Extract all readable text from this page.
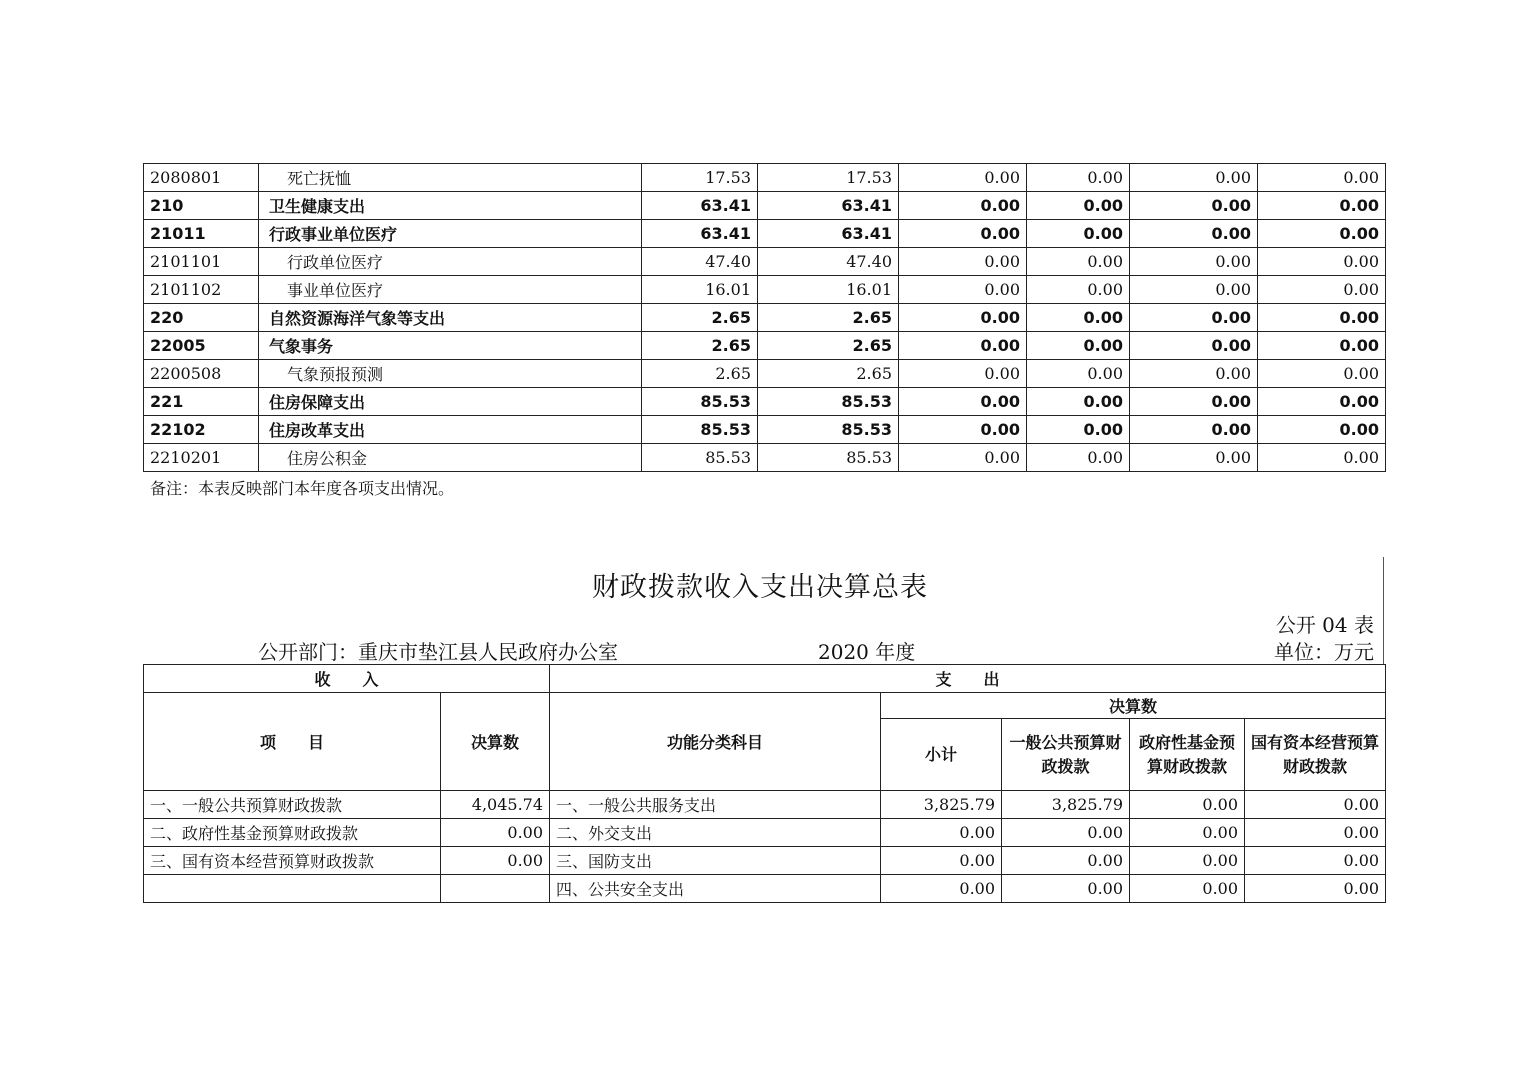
2080801	死亡抚恤	17.53	17.53	0.00	0.00	0.00	0.00
210	卫生健康支出	63.41	63.41	0.00	0.00	0.00	0.00
21011	行政事业单位医疗	63.41	63.41	0.00	0.00	0.00	0.00
2101101	行政单位医疗	47.40	47.40	0.00	0.00	0.00	0.00
2101102	事业单位医疗	16.01	16.01	0.00	0.00	0.00	0.00
220	自然资源海洋气象等支出	2.65	2.65	0.00	0.00	0.00	0.00
22005	气象事务	2.65	2.65	0.00	0.00	0.00	0.00
2200508	气象预报预测	2.65	2.65	0.00	0.00	0.00	0.00
221	住房保障支出	85.53	85.53	0.00	0.00	0.00	0.00
22102	住房改革支出	85.53	85.53	0.00	0.00	0.00	0.00
2210201	住房公积金	85.53	85.53	0.00	0.00	0.00	0.00
备注：本表反映部门本年度各项支出情况。
财政拨款收入支出决算总表
公开 04 表
公开部门：重庆市垫江县人民政府办公室	2020 年度	单位：万元
收　　入		支　　出				
项　　目	决算数	功能分类科目	决算数			
			小计	一般公共预算财政拨款	政府性基金预算财政拨款	国有资本经营预算财政拨款
一、一般公共预算财政拨款	4,045.74	一、一般公共服务支出	3,825.79	3,825.79	0.00	0.00
二、政府性基金预算财政拨款	0.00	二、外交支出	0.00	0.00	0.00	0.00
三、国有资本经营预算财政拨款	0.00	三、国防支出	0.00	0.00	0.00	0.00
		四、公共安全支出	0.00	0.00	0.00	0.00
